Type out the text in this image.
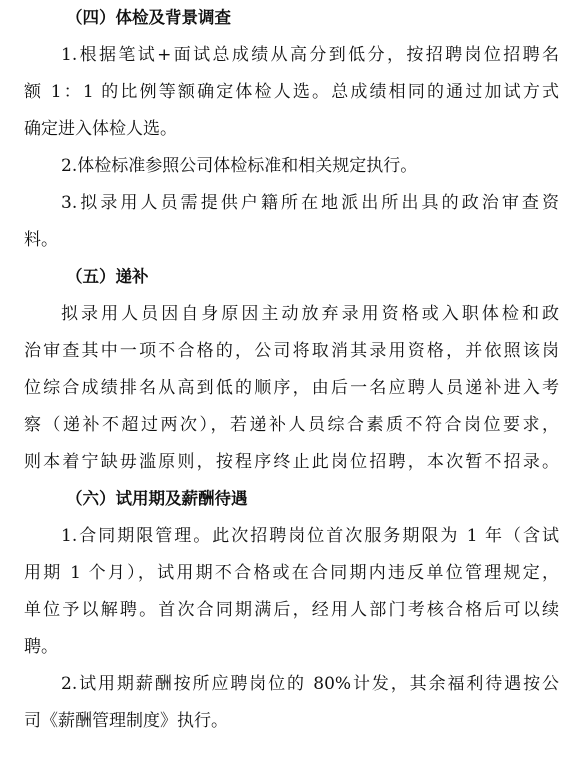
（四）体检及背景调查

1.根据笔试+面试总成绩从高分到低分，按招聘岗位招聘名

额 1：1 的比例等额确定体检人选。总成绩相同的通过加试方式

确定进入体检人选。

2.体检标准参照公司体检标准和相关规定执行。

3.拟录用人员需提供户籍所在地派出所出具的政治审查资

料。

（五）递补

拟录用人员因自身原因主动放弃录用资格或入职体检和政

治审查其中一项不合格的，公司将取消其录用资格，并依照该岗

位综合成绩排名从高到低的顺序，由后一名应聘人员递补进入考

察（递补不超过两次），若递补人员综合素质不符合岗位要求，

则本着宁缺毋滥原则，按程序终止此岗位招聘，本次暂不招录。

（六）试用期及薪酬待遇

1.合同期限管理。此次招聘岗位首次服务期限为 1 年（含试

用期 1 个月），试用期不合格或在合同期内违反单位管理规定，

单位予以解聘。首次合同期满后，经用人部门考核合格后可以续

聘。

2.试用期薪酬按所应聘岗位的 80%计发，其余福利待遇按公

司《薪酬管理制度》执行。
